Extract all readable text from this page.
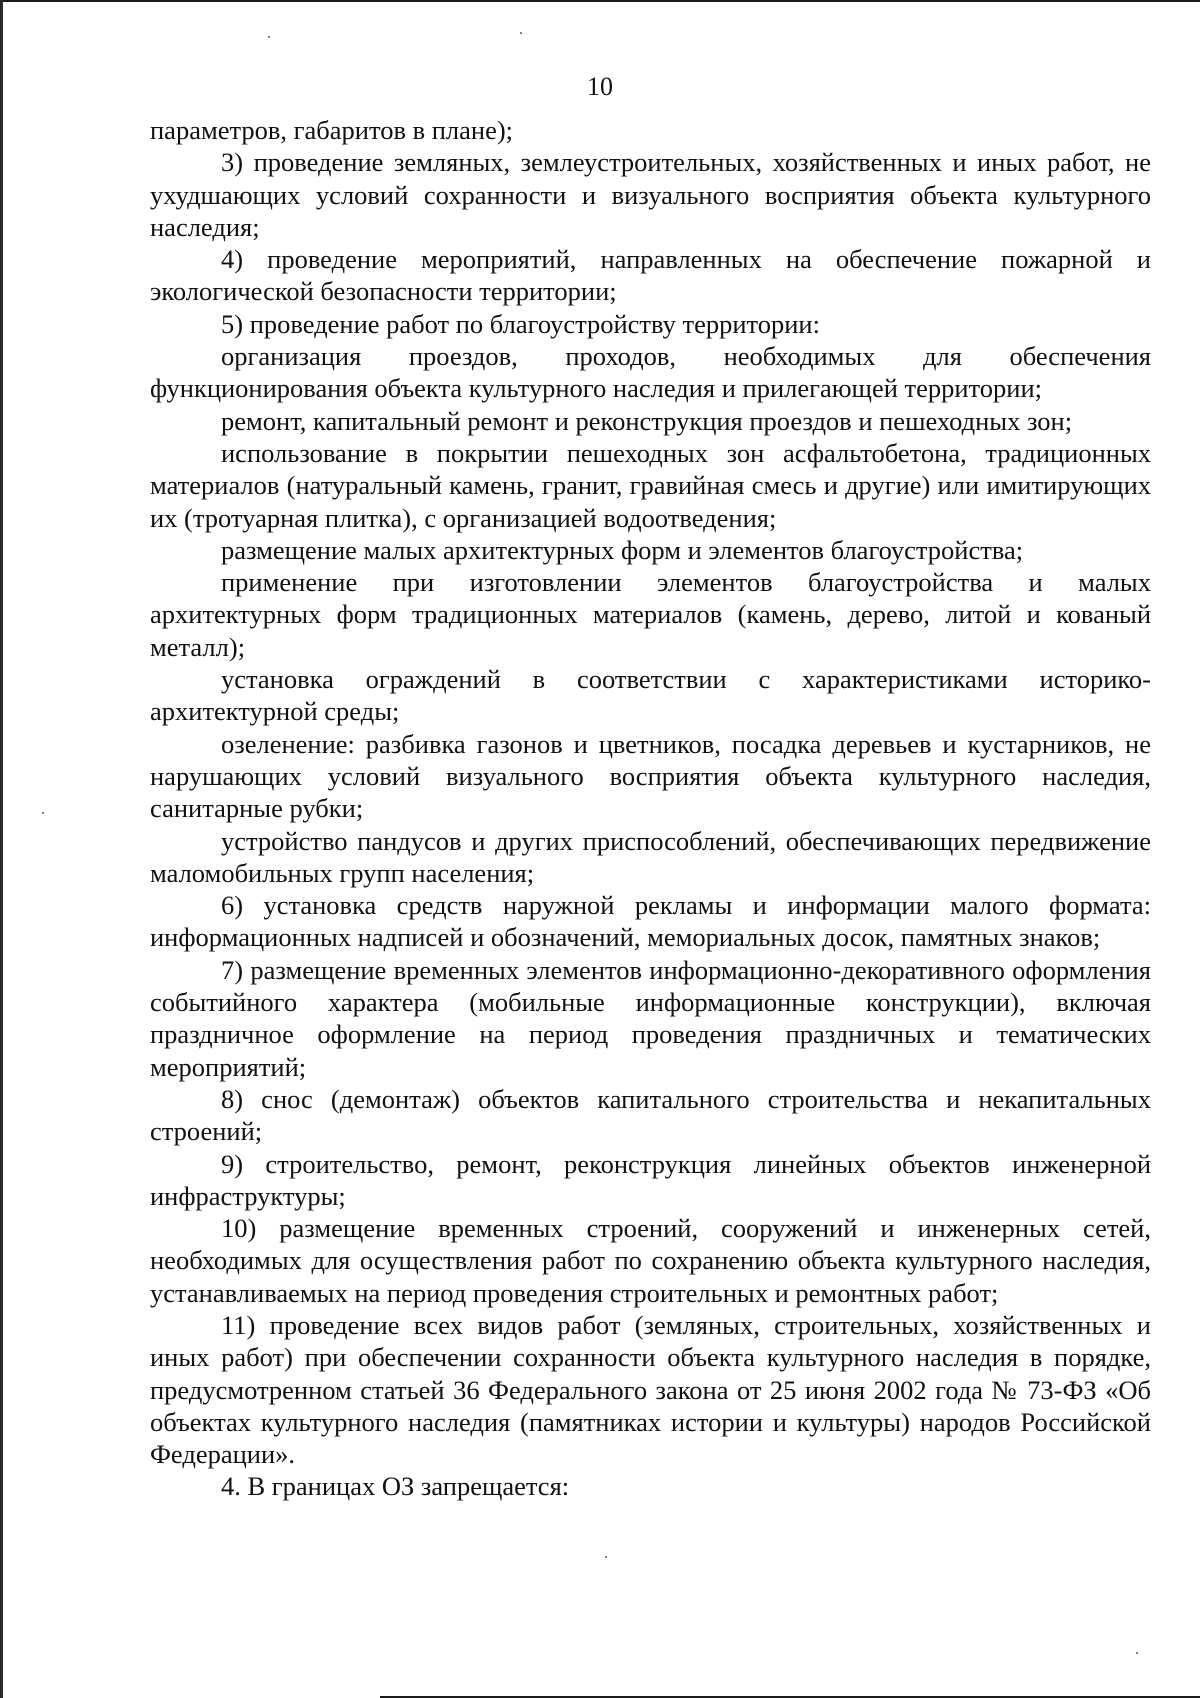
10

параметров, габаритов в плане);

3) проведение земляных, землеустроительных, хозяйственных и иных работ, не ухудшающих условий сохранности и визуального восприятия объекта культурного наследия;

4) проведение мероприятий, направленных на обеспечение пожарной и экологической безопасности территории;

5) проведение работ по благоустройству территории:

организация проездов, проходов, необходимых для обеспечения функционирования объекта культурного наследия и прилегающей территории;

ремонт, капитальный ремонт и реконструкция проездов и пешеходных зон;

использование в покрытии пешеходных зон асфальтобетона, традиционных материалов (натуральный камень, гранит, гравийная смесь и другие) или имитирующих их (тротуарная плитка), с организацией водоотведения;

размещение малых архитектурных форм и элементов благоустройства;

применение при изготовлении элементов благоустройства и малых архитектурных форм традиционных материалов (камень, дерево, литой и кованый металл);

установка ограждений в соответствии с характеристиками историко-архитектурной среды;

озеленение: разбивка газонов и цветников, посадка деревьев и кустарников, не нарушающих условий визуального восприятия объекта культурного наследия, санитарные рубки;

устройство пандусов и других приспособлений, обеспечивающих передвижение маломобильных групп населения;

6) установка средств наружной рекламы и информации малого формата: информационных надписей и обозначений, мемориальных досок, памятных знаков;

7) размещение временных элементов информационно-декоративного оформления событийного характера (мобильные информационные конструкции), включая праздничное оформление на период проведения праздничных и тематических мероприятий;

8) снос (демонтаж) объектов капитального строительства и некапитальных строений;

9) строительство, ремонт, реконструкция линейных объектов инженерной инфраструктуры;

10) размещение временных строений, сооружений и инженерных сетей, необходимых для осуществления работ по сохранению объекта культурного наследия, устанавливаемых на период проведения строительных и ремонтных работ;

11) проведение всех видов работ (земляных, строительных, хозяйственных и иных работ) при обеспечении сохранности объекта культурного наследия в порядке, предусмотренном статьей 36 Федерального закона от 25 июня 2002 года № 73-ФЗ «Об объектах культурного наследия (памятниках истории и культуры) народов Российской Федерации».

4. В границах ОЗ запрещается:
